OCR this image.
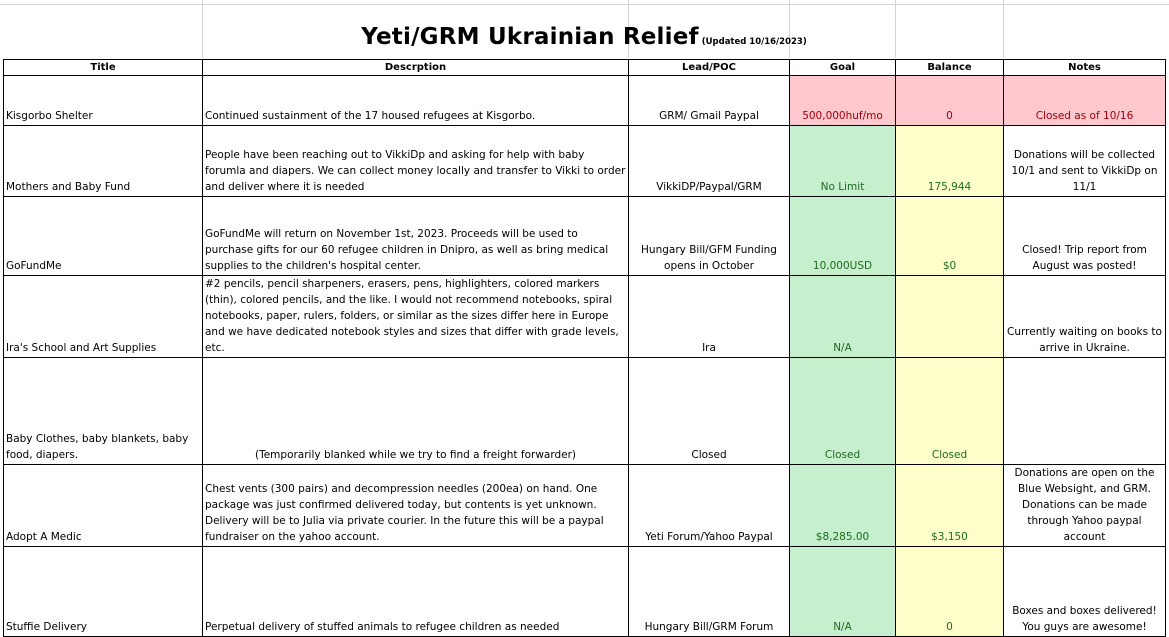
Yeti/GRM Ukrainian Relief (Updated 10/16/2023)
Title	Descrption	Lead/POC	Goal	Balance	Notes
Kisgorbo Shelter	Continued sustainment of the 17 housed refugees at Kisgorbo.	GRM/ Gmail Paypal	500,000huf/mo	0	Closed as of 10/16
Mothers and Baby Fund	People have been reaching out to VikkiDp and asking for help with baby forumla and diapers. We can collect money locally and transfer to Vikki to order and deliver where it is needed	VikkiDP/Paypal/GRM	No Limit	175,944	Donations will be collected 10/1 and sent to VikkiDp on 11/1
GoFundMe	GoFundMe will return on November 1st, 2023. Proceeds will be used to purchase gifts for our 60 refugee children in Dnipro, as well as bring medical supplies to the children's hospital center.	Hungary Bill/GFM Funding opens in October	10,000USD	$0	Closed! Trip report from August was posted!
Ira's School and Art Supplies	#2 pencils, pencil sharpeners, erasers, pens, highlighters, colored markers (thin), colored pencils, and the like. I would not recommend notebooks, spiral notebooks, paper, rulers, folders, or similar as the sizes differ here in Europe and we have dedicated notebook styles and sizes that differ with grade levels, etc.	Ira	N/A		Currently waiting on books to arrive in Ukraine.
Baby Clothes, baby blankets, baby food, diapers.	(Temporarily blanked while we try to find a freight forwarder)	Closed	Closed	Closed	
Adopt A Medic	Chest vents (300 pairs) and decompression needles (200ea) on hand. One package was just confirmed delivered today, but contents is yet unknown. Delivery will be to Julia via private courier. In the future this will be a paypal fundraiser on the yahoo account.	Yeti Forum/Yahoo Paypal	$8,285.00	$3,150	Donations are open on the Blue Websight, and GRM. Donations can be made through Yahoo paypal account
Stuffie Delivery	Perpetual delivery of stuffed animals to refugee children as needed	Hungary Bill/GRM Forum	N/A	0	Boxes and boxes delivered! You guys are awesome!
